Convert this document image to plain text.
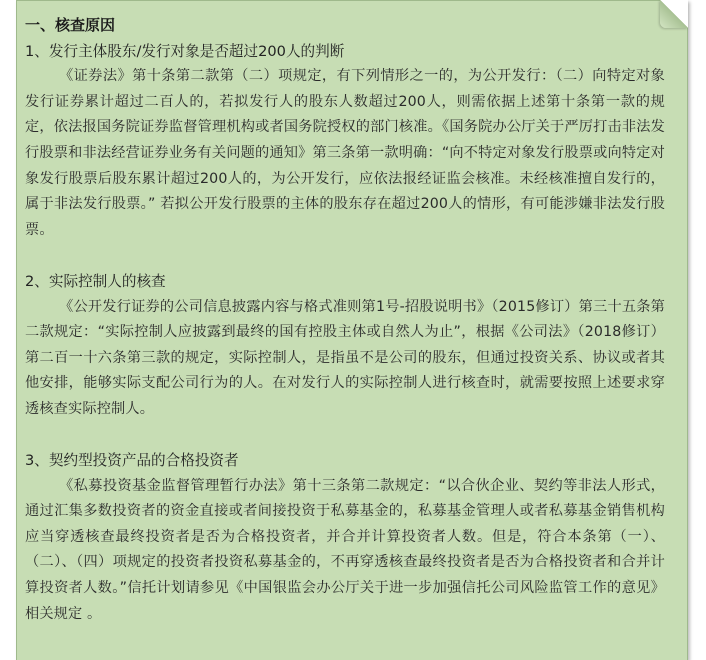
一、核查原因

1、发行主体股东/发行对象是否超过200人的判断

《证券法》第十条第二款第（二）项规定，有下列情形之一的，为公开发行：（二）向特定对象发行证券累计超过二百人的，若拟发行人的股东人数超过200人，则需依据上述第十条第一款的规定，依法报国务院证券监督管理机构或者国务院授权的部门核准。《国务院办公厅关于严厉打击非法发行股票和非法经营证券业务有关问题的通知》第三条第一款明确：“向不特定对象发行股票或向特定对象发行股票后股东累计超过200人的，为公开发行，应依法报经证监会核准。未经核准擅自发行的，属于非法发行股票。” 若拟公开发行股票的主体的股东存在超过200人的情形，有可能涉嫌非法发行股票。

2、实际控制人的核查

《公开发行证券的公司信息披露内容与格式准则第1号-招股说明书》（2015修订）第三十五条第二款规定：“实际控制人应披露到最终的国有控股主体或自然人为止”，根据《公司法》（2018修订）第二百一十六条第三款的规定，实际控制人，是指虽不是公司的股东，但通过投资关系、协议或者其他安排，能够实际支配公司行为的人。在对发行人的实际控制人进行核查时，就需要按照上述要求穿透核查实际控制人。

3、契约型投资产品的合格投资者

《私募投资基金监督管理暂行办法》第十三条第二款规定：“以合伙企业、契约等非法人形式，通过汇集多数投资者的资金直接或者间接投资于私募基金的，私募基金管理人或者私募基金销售机构应当穿透核查最终投资者是否为合格投资者，并合并计算投资者人数。但是，符合本条第（一）、（二）、（四）项规定的投资者投资私募基金的，不再穿透核查最终投资者是否为合格投资者和合并计算投资者人数。”信托计划请参见《中国银监会办公厅关于进一步加强信托公司风险监管工作的意见》相关规定 。
